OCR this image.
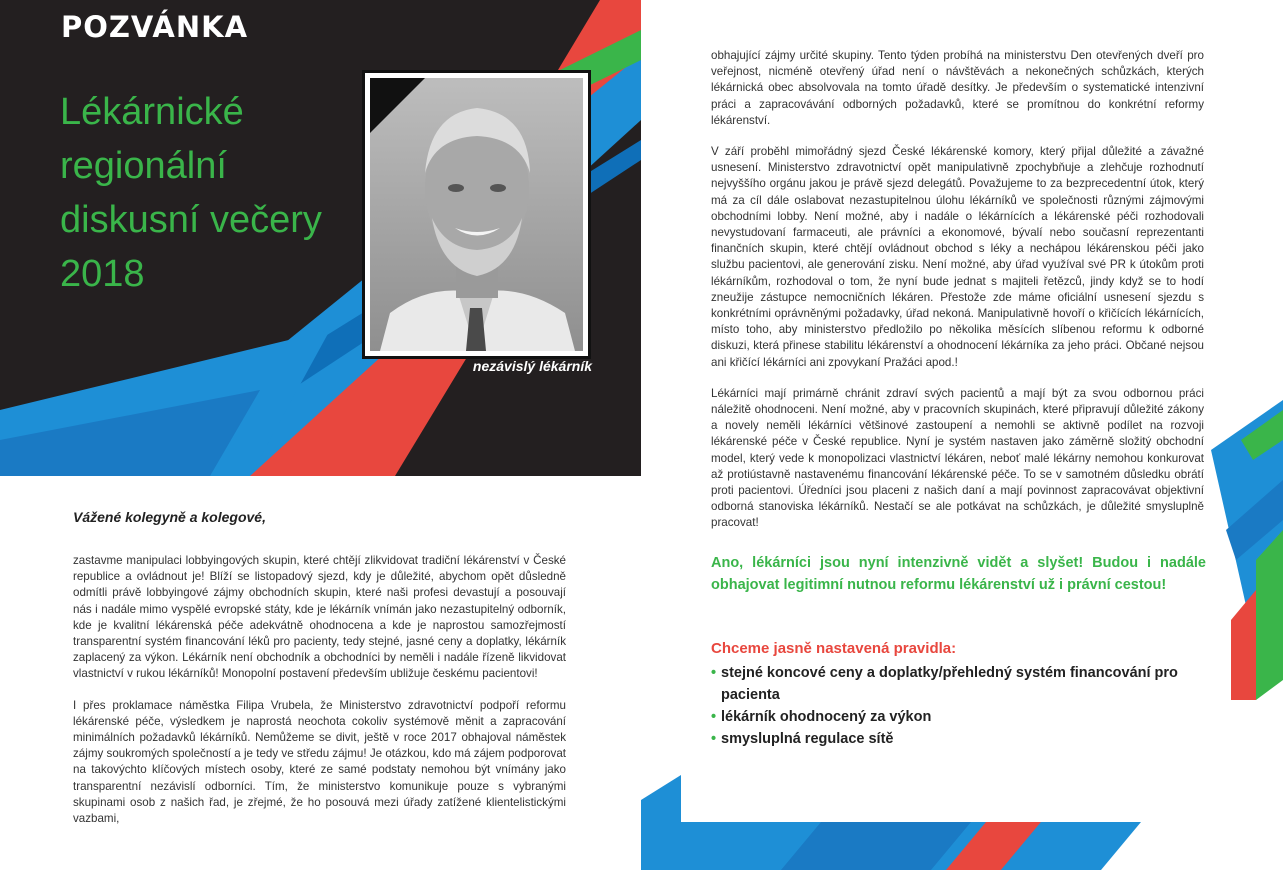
POZVÁNKA
Lékárnické
regionální
diskusní večery
2018

nezávislý lékárník

Vážené kolegyně a kolegové,

zastavme manipulaci lobbyingových skupin, které chtějí zlikvidovat tradiční lékárenství v České republice a ovládnout je! Blíží se listopadový sjezd, kdy je důležité, abychom opět důsledně odmítli právě lobbyingové zájmy obchodních skupin, které naši profesi devastují a posouvají nás i nadále mimo vyspělé evropské státy, kde je lékárník vnímán jako nezastupitelný odborník, kde je kvalitní lékárenská péče adekvátně ohodnocena a kde je naprostou samozřejmostí transparentní systém financování léků pro pacienty, tedy stejné, jasné ceny a doplatky, lékárník zaplacený za výkon. Lékárník není obchodník a obchodníci by neměli i nadále řízeně likvidovat vlastnictví v rukou lékárníků! Monopolní postavení především ubližuje českému pacientovi!

I přes proklamace náměstka Filipa Vrubela, že Ministerstvo zdravotnictví podpoří reformu lékárenské péče, výsledkem je naprostá neochota cokoliv systémově měnit a zapracování minimálních požadavků lékárníků. Nemůžeme se divit, ještě v roce 2017 obhajoval náměstek zájmy soukromých společností a je tedy ve středu zájmu! Je otázkou, kdo má zájem podporovat na takovýchto klíčových místech osoby, které ze samé podstaty nemohou být vnímány jako transparentní nezávislí odborníci. Tím, že ministerstvo komunikuje pouze s vybranými skupinami osob z našich řad, je zřejmé, že ho posouvá mezi úřady zatížené klientelistickými vazbami,

obhajující zájmy určité skupiny. Tento týden probíhá na ministerstvu Den otevřených dveří pro veřejnost, nicméně otevřený úřad není o návštěvách a nekonečných schůzkách, kterých lékárnická obec absolvovala na tomto úřadě desítky. Je především o systematické intenzivní práci a zapracovávání odborných požadavků, které se promítnou do konkrétní reformy lékárenství.

V září proběhl mimořádný sjezd České lékárenské komory, který přijal důležité a závažné usnesení. Ministerstvo zdravotnictví opět manipulativně zpochybňuje a zlehčuje rozhodnutí nejvyššího orgánu jakou je právě sjezd delegátů. Považujeme to za bezprecedentní útok, který má za cíl dále oslabovat nezastupitelnou úlohu lékárníků ve společnosti různými zájmovými obchodními lobby. Není možné, aby i nadále o lékárnících a lékárenské péči rozhodovali nevystudovaní farmaceuti, ale právníci a ekonomové, bývalí nebo současní reprezentanti finančních skupin, které chtějí ovládnout obchod s léky a nechápou lékárenskou péči jako službu pacientovi, ale generování zisku. Není možné, aby úřad využíval své PR k útokům proti lékárníkům, rozhodoval o tom, že nyní bude jednat s majiteli řetězců, jindy když se to hodí zneužije zástupce nemocničních lékáren. Přestože zde máme oficiální usnesení sjezdu s konkrétními oprávněnými požadavky, úřad nekoná. Manipulativně hovoří o křičících lékárnících, místo toho, aby ministerstvo předložilo po několika měsících slíbenou reformu k odborné diskuzi, která přinese stabilitu lékárenství a ohodnocení lékárníka za jeho práci. Občané nejsou ani křičící lékárníci ani zpovykaní Pražáci apod.!

Lékárníci mají primárně chránit zdraví svých pacientů a mají být za svou odbornou práci náležitě ohodnoceni. Není možné, aby v pracovních skupinách, které připravují důležité zákony a novely neměli lékárníci většinové zastoupení a nemohli se aktivně podílet na rozvoji lékárenské péče v České republice. Nyní je systém nastaven jako záměrně složitý obchodní model, který vede k monopolizaci vlastnictví lékáren, neboť malé lékárny nemohou konkurovat až protiústavně nastavenému financování lékárenské péče. To se v samotném důsledku obrátí proti pacientovi. Úředníci jsou placeni z našich daní a mají povinnost zapracovávat objektivní odborná stanoviska lékárníků. Nestačí se ale potkávat na schůzkách, je důležité smysluplně pracovat!

Ano, lékárníci jsou nyní intenzivně vidět a slyšet! Budou i nadále obhajovat legitimní nutnou reformu lékárenství už i právní cestou!

Chceme jasně nastavená pravidla:

• stejné koncové ceny a doplatky/přehledný systém financování pro pacienta
• lékárník ohodnocený za výkon
• smysluplná regulace sítě
